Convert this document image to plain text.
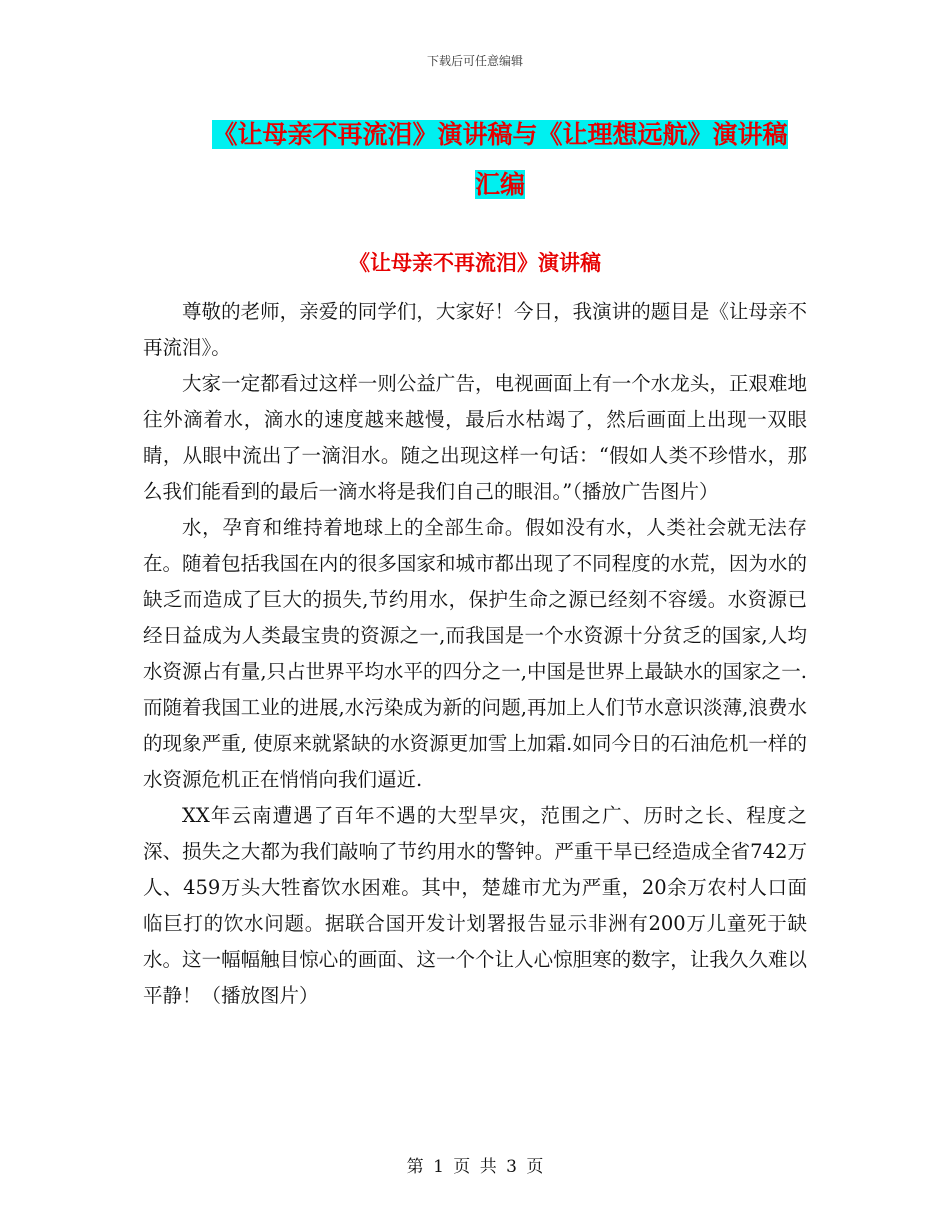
下载后可任意编辑
《让母亲不再流泪》演讲稿与《让理想远航》演讲稿
汇编
《让母亲不再流泪》演讲稿

尊敬的老师，亲爱的同学们，大家好！今日，我演讲的题目是《让母亲不再流泪》。

大家一定都看过这样一则公益广告，电视画面上有一个水龙头，正艰难地往外滴着水，滴水的速度越来越慢，最后水枯竭了，然后画面上出现一双眼睛，从眼中流出了一滴泪水。随之出现这样一句话：“假如人类不珍惜水，那么我们能看到的最后一滴水将是我们自己的眼泪。”（播放广告图片）

水，孕育和维持着地球上的全部生命。假如没有水，人类社会就无法存在。随着包括我国在内的很多国家和城市都出现了不同程度的水荒，因为水的缺乏而造成了巨大的损失,节约用水，保护生命之源已经刻不容缓。水资源已经日益成为人类最宝贵的资源之一,而我国是一个水资源十分贫乏的国家,人均水资源占有量,只占世界平均水平的四分之一,中国是世界上最缺水的国家之一.而随着我国工业的进展,水污染成为新的问题,再加上人们节水意识淡薄,浪费水的现象严重, 使原来就紧缺的水资源更加雪上加霜.如同今日的石油危机一样的水资源危机正在悄悄向我们逼近.

XX年云南遭遇了百年不遇的大型旱灾，范围之广、历时之长、程度之深、损失之大都为我们敲响了节约用水的警钟。严重干旱已经造成全省742万人、459万头大牲畜饮水困难。其中，楚雄市尤为严重，20余万农村人口面临巨打的饮水问题。据联合国开发计划署报告显示非洲有200万儿童死于缺水。这一幅幅触目惊心的画面、这一个个让人心惊胆寒的数字，让我久久难以平静！（播放图片）

第 1 页 共 3 页
